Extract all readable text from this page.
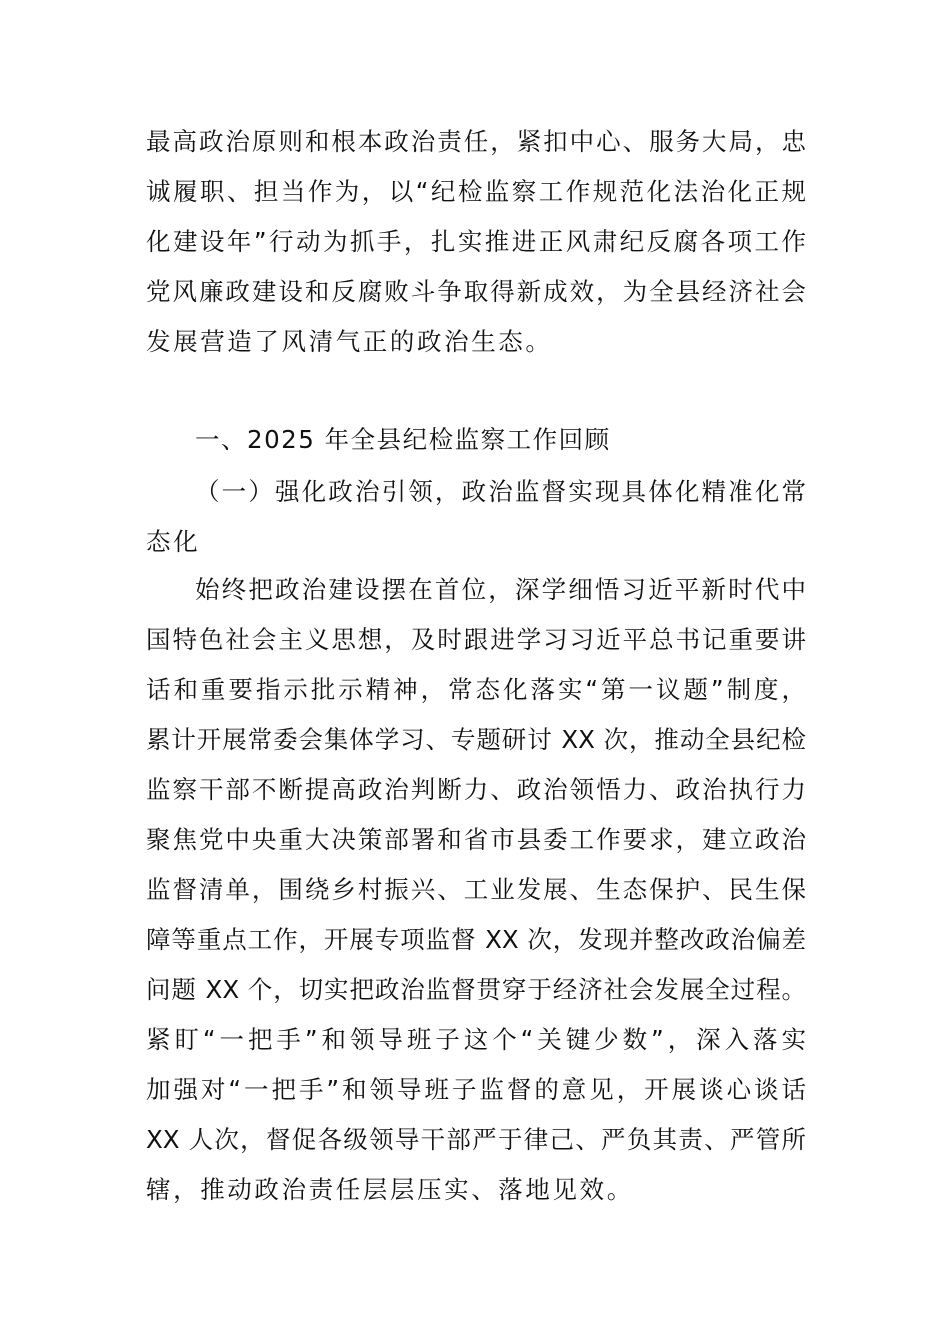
最高政治原则和根本政治责任，紧扣中心、服务大局，忠
诚履职、担当作为，以“纪检监察工作规范化法治化正规
化建设年”行动为抓手，扎实推进正风肃纪反腐各项工作
党风廉政建设和反腐败斗争取得新成效，为全县经济社会
发展营造了风清气正的政治生态。
一、2025 年全县纪检监察工作回顾
（一）强化政治引领，政治监督实现具体化精准化常
态化
始终把政治建设摆在首位，深学细悟习近平新时代中
国特色社会主义思想，及时跟进学习习近平总书记重要讲
话和重要指示批示精神，常态化落实“第一议题”制度，
累计开展常委会集体学习、专题研讨 XX 次，推动全县纪检
监察干部不断提高政治判断力、政治领悟力、政治执行力
聚焦党中央重大决策部署和省市县委工作要求，建立政治
监督清单，围绕乡村振兴、工业发展、生态保护、民生保
障等重点工作，开展专项监督 XX 次，发现并整改政治偏差
问题 XX 个，切实把政治监督贯穿于经济社会发展全过程。
紧盯“一把手”和领导班子这个“关键少数”，深入落实
加强对“一把手”和领导班子监督的意见，开展谈心谈话
XX 人次，督促各级领导干部严于律己、严负其责、严管所
辖，推动政治责任层层压实、落地见效。
